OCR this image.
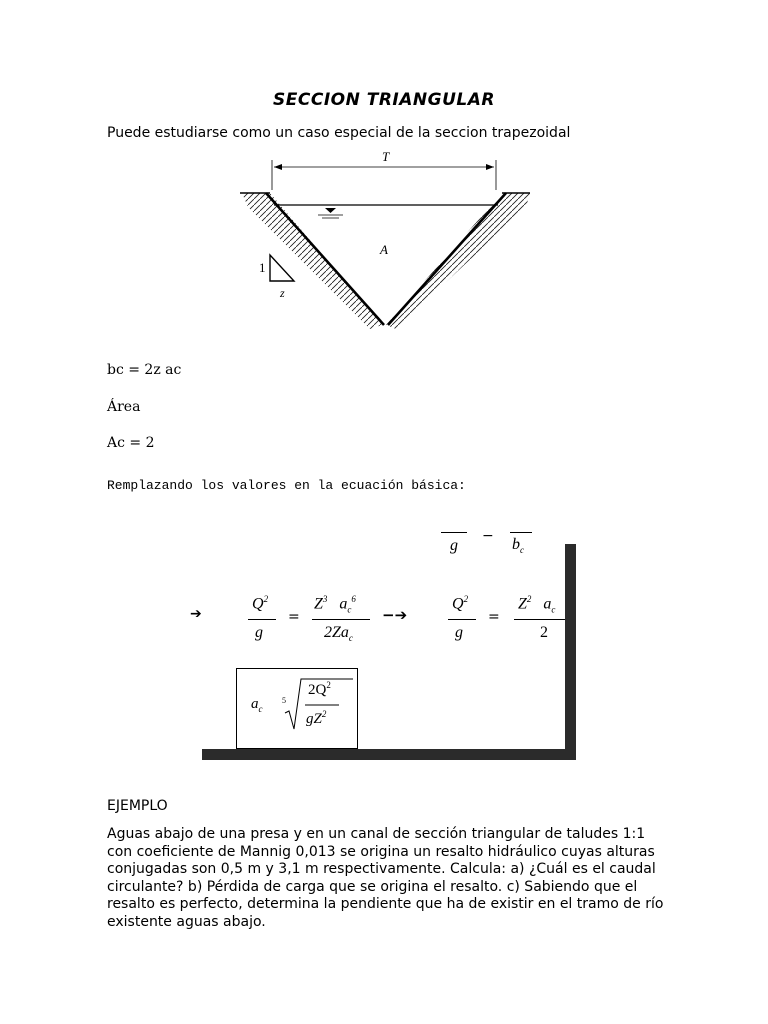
SECCION TRIANGULAR
Puede estudiarse como un caso especial de la seccion trapezoidal
T
A
1
z
bc = 2z ac
Área
Ac = 2
Remplazando los valores en la ecuación básica:
g
− $b_c$
➔
$Q^2$
g
=
$Z^3$ $a_c^6$
$2Za_c$
−➔
$Q^2$
g
=
$Z^2$ $a_c$
2
$a_c$
5
$2Q^2$
$gZ^2$
EJEMPLO
Aguas abajo de una presa y en un canal de sección triangular de taludes 1:1 con coeficiente de Mannig 0,013 se origina un resalto hidráulico cuyas alturas conjugadas son 0,5 m y 3,1 m respectivamente. Calcula: a) ¿Cuál es el caudal circulante? b) Pérdida de carga que se origina el resalto. c) Sabiendo que el resalto es perfecto, determina la pendiente que ha de existir en el tramo de río existente aguas abajo.
